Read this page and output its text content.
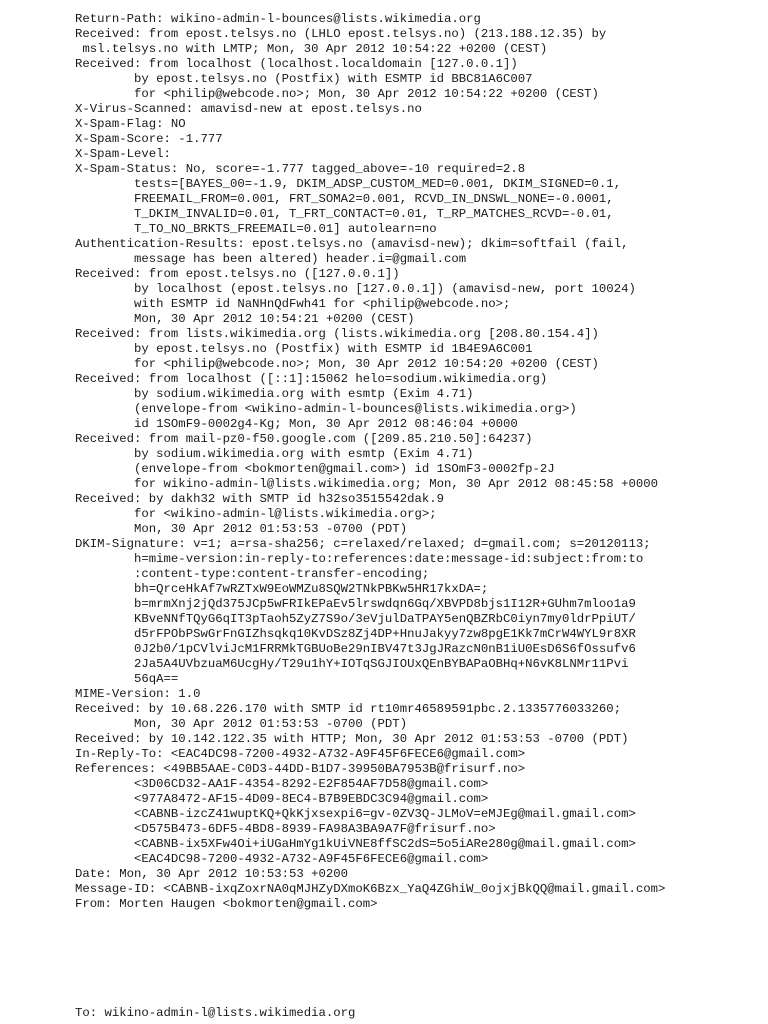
Return-Path: wikino-admin-l-bounces@lists.wikimedia.org
Received: from epost.telsys.no (LHLO epost.telsys.no) (213.188.12.35) by
msl.telsys.no with LMTP; Mon, 30 Apr 2012 10:54:22 +0200 (CEST)
Received: from localhost (localhost.localdomain [127.0.0.1])
by epost.telsys.no (Postfix) with ESMTP id BBC81A6C007
for <philip@webcode.no>; Mon, 30 Apr 2012 10:54:22 +0200 (CEST)
X-Virus-Scanned: amavisd-new at epost.telsys.no
X-Spam-Flag: NO
X-Spam-Score: -1.777
X-Spam-Level:
X-Spam-Status: No, score=-1.777 tagged_above=-10 required=2.8
tests=[BAYES_00=-1.9, DKIM_ADSP_CUSTOM_MED=0.001, DKIM_SIGNED=0.1,
FREEMAIL_FROM=0.001, FRT_SOMA2=0.001, RCVD_IN_DNSWL_NONE=-0.0001,
T_DKIM_INVALID=0.01, T_FRT_CONTACT=0.01, T_RP_MATCHES_RCVD=-0.01,
T_TO_NO_BRKTS_FREEMAIL=0.01] autolearn=no
Authentication-Results: epost.telsys.no (amavisd-new); dkim=softfail (fail,
message has been altered) header.i=@gmail.com
Received: from epost.telsys.no ([127.0.0.1])
by localhost (epost.telsys.no [127.0.0.1]) (amavisd-new, port 10024)
with ESMTP id NaNHnQdFwh41 for <philip@webcode.no>;
Mon, 30 Apr 2012 10:54:21 +0200 (CEST)
Received: from lists.wikimedia.org (lists.wikimedia.org [208.80.154.4])
by epost.telsys.no (Postfix) with ESMTP id 1B4E9A6C001
for <philip@webcode.no>; Mon, 30 Apr 2012 10:54:20 +0200 (CEST)
Received: from localhost ([::1]:15062 helo=sodium.wikimedia.org)
by sodium.wikimedia.org with esmtp (Exim 4.71)
(envelope-from <wikino-admin-l-bounces@lists.wikimedia.org>)
id 1SOmF9-0002g4-Kg; Mon, 30 Apr 2012 08:46:04 +0000
Received: from mail-pz0-f50.google.com ([209.85.210.50]:64237)
by sodium.wikimedia.org with esmtp (Exim 4.71)
(envelope-from <bokmorten@gmail.com>) id 1SOmF3-0002fp-2J
for wikino-admin-l@lists.wikimedia.org; Mon, 30 Apr 2012 08:45:58 +0000
Received: by dakh32 with SMTP id h32so3515542dak.9
for <wikino-admin-l@lists.wikimedia.org>;
Mon, 30 Apr 2012 01:53:53 -0700 (PDT)
DKIM-Signature: v=1; a=rsa-sha256; c=relaxed/relaxed; d=gmail.com; s=20120113;
h=mime-version:in-reply-to:references:date:message-id:subject:from:to
:content-type:content-transfer-encoding;
bh=QrceHkAf7wRZTxW9EoWMZu8SQW2TNkPBKw5HR17kxDA=;
b=mrmXnj2jQd375JCp5wFRIkEPaEv5lrswdqn6Gq/XBVPD8bjs1I12R+GUhm7mloo1a9
KBveNNfTQyG6qIT3pTaoh5ZyZ7S9o/3eVjulDaTPAY5enQBZRbC0iyn7my0ldrPpiUT/
d5rFPObPSwGrFnGIZhsqkq10KvDSz8Zj4DP+HnuJakyy7zw8pgE1Kk7mCrW4WYL9r8XR
0J2b0/1pCVlviJcM1FRRMkTGBUoBe29nIBV47t3JgJRazcN0nB1iU0EsD6S6fOssufv6
2Ja5A4UVbzuaM6UcgHy/T29u1hY+IOTqSGJIOUxQEnBYBAPaOBHq+N6vK8LNMr11Pvi
56qA==
MIME-Version: 1.0
Received: by 10.68.226.170 with SMTP id rt10mr46589591pbc.2.1335776033260;
Mon, 30 Apr 2012 01:53:53 -0700 (PDT)
Received: by 10.142.122.35 with HTTP; Mon, 30 Apr 2012 01:53:53 -0700 (PDT)
In-Reply-To: <EAC4DC98-7200-4932-A732-A9F45F6FECE6@gmail.com>
References: <49BB5AAE-C0D3-44DD-B1D7-39950BA7953B@frisurf.no>
<3D06CD32-AA1F-4354-8292-E2F854AF7D58@gmail.com>
<977A8472-AF15-4D09-8EC4-B7B9EBDC3C94@gmail.com>
<CABNB-izcZ41wuptKQ+QkKjxsexpi6=gv-0ZV3Q-JLMoV=eMJEg@mail.gmail.com>
<D575B473-6DF5-4BD8-8939-FA98A3BA9A7F@frisurf.no>
<CABNB-ix5XFw4Oi+iUGaHmYg1kUiVNE8ffSC2dS=5o5iARe280g@mail.gmail.com>
<EAC4DC98-7200-4932-A732-A9F45F6FECE6@gmail.com>
Date: Mon, 30 Apr 2012 10:53:53 +0200
Message-ID: <CABNB-ixqZoxrNA0qMJHZyDXmoK6Bzx_YaQ4ZGhiW_0ojxjBkQQ@mail.gmail.com>
From: Morten Haugen <bokmorten@gmail.com>
To: wikino-admin-l@lists.wikimedia.org
